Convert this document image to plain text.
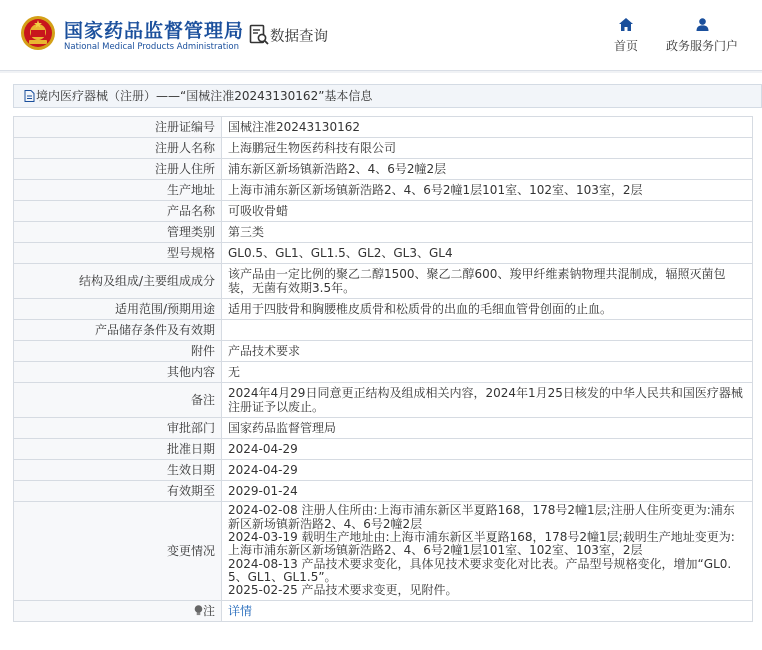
国家药品监督管理局
National Medical Products Administration
数据查询
首页	政务服务门户
境内医疗器械（注册）——“国械注准20243130162”基本信息
注册证编号	国械注准20243130162
注册人名称	上海鹏冠生物医药科技有限公司
注册人住所	浦东新区新场镇新浩路2、4、6号2幢2层
生产地址	上海市浦东新区新场镇新浩路2、4、6号2幢1层101室、102室、103室，2层
产品名称	可吸收骨蜡
管理类别	第三类
型号规格	GL0.5、GL1、GL1.5、GL2、GL3、GL4
结构及组成/主要组成成分	该产品由一定比例的聚乙二醇1500、聚乙二醇600、羧甲纤维素钠物理共混制成，辐照灭菌包装，无菌有效期3.5年。
适用范围/预期用途	适用于四肢骨和胸腰椎皮质骨和松质骨的出血的毛细血管骨创面的止血。
产品储存条件及有效期	
附件	产品技术要求
其他内容	无
备注	2024年4月29日同意更正结构及组成相关内容，2024年1月25日核发的中华人民共和国医疗器械注册证予以废止。
审批部门	国家药品监督管理局
批准日期	2024-04-29
生效日期	2024-04-29
有效期至	2029-01-24
变更情况	2024-02-08 注册人住所由:上海市浦东新区半夏路168，178号2幢1层;注册人住所变更为:浦东新区新场镇新浩路2、4、6号2幢2层
2024-03-19 载明生产地址由:上海市浦东新区半夏路168，178号2幢1层;载明生产地址变更为:上海市浦东新区新场镇新浩路2、4、6号2幢1层101室、102室、103室，2层
2024-08-13 产品技术要求变化，具体见技术要求变化对比表。产品型号规格变化，增加“GL0.5、GL1、GL1.5”。
2025-02-25 产品技术要求变更，见附件。

注	详情
